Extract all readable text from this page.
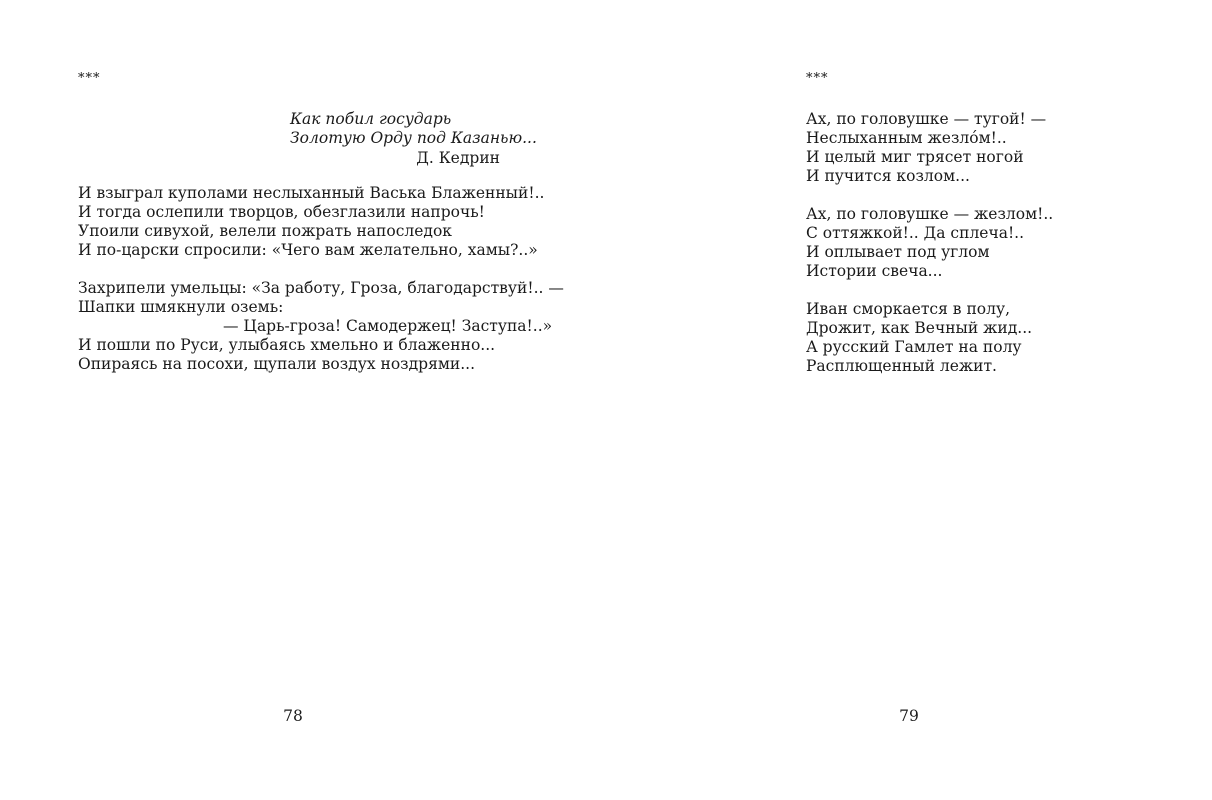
***
Как побил государь
Золотую Орду под Казанью...
Д. Кедрин
И взыграл куполами неслыханный Васька Блаженный!..
И тогда ослепили творцов, обезглазили напрочь!
Упоили сивухой, велели пожрать напоследок
И по-царски спросили: «Чего вам желательно, хамы?..»
Захрипели умельцы: «За работу, Гроза, благодарствуй!.. —
Шапки шмякнули оземь:
— Царь-гроза! Самодержец! Заступа!..»
И пошли по Руси, улыбаясь хмельно и блаженно...
Опираясь на посохи, щупали воздух ноздрями...
78
***
Ах, по головушке — тугой! —
Неслыханным жезло́м!..
И целый миг трясет ногой
И пучится козлом...
Ах, по головушке — жезлом!..
С оттяжкой!.. Да сплеча!..
И оплывает под углом
Истории свеча...
Иван сморкается в полу,
Дрожит, как Вечный жид...
А русский Гамлет на полу
Расплющенный лежит.
79
